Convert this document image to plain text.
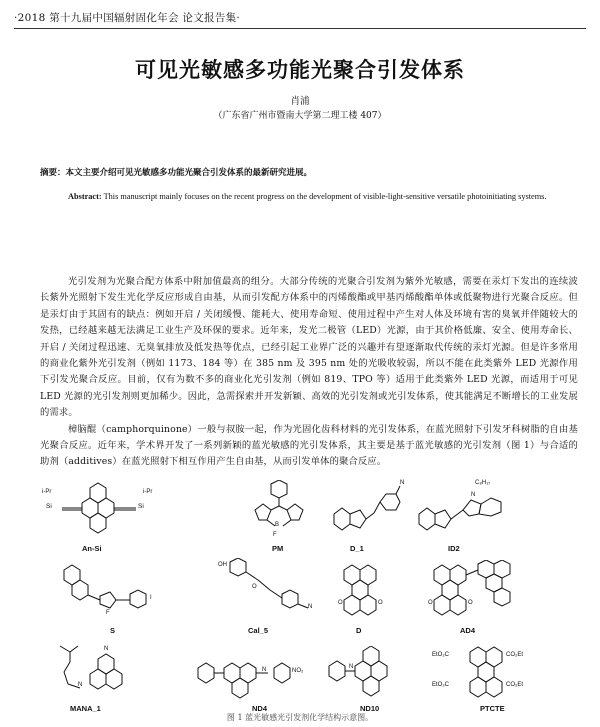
·2018 第十九届中国辐射固化年会 论文报告集·
可见光敏感多功能光聚合引发体系
肖浦
（广东省广州市暨南大学第二理工楼 407）
摘要：本文主要介绍可见光敏感多功能光聚合引发体系的最新研究进展。
Abstract: This manuscript mainly focuses on the recent progress on the development of visible-light-sensitive versatile photoinitiating systems.

光引发剂为光聚合配方体系中附加值最高的组分。大部分传统的光聚合引发剂为紫外光敏感，需要在汞灯下发出的连续波长紫外光照射下发生光化学反应形成自由基，从而引发配方体系中的丙烯酸酯或甲基丙烯酸酯单体或低聚物进行光聚合反应。但是汞灯由于其固有的缺点：例如开启 / 关闭缓慢、能耗大、使用寿命短、使用过程中产生对人体及环境有害的臭氧并伴随较大的发热，已经越来越无法满足工业生产及环保的要求。近年来，发光二极管（LED）光源，由于其价格低廉、安全、使用寿命长、开启 / 关闭过程迅速、无臭氧排放及低发热等优点，已经引起工业界广泛的兴趣并有望逐渐取代传统的汞灯光源。但是许多常用的商业化紫外光引发剂（例如 1173、184 等）在 385 nm 及 395 nm 处的光吸收较弱，所以不能在此类紫外 LED 光源作用下引发光聚合反应。目前，仅有为数不多的商业化光引发剂（例如 819、TPO 等）适用于此类紫外 LED 光源，而适用于可见 LED 光源的光引发剂则更加稀少。因此，急需探索并开发新颖、高效的光引发剂或光引发体系，使其能满足不断增长的工业发展的需求。

樟脑醌（camphorquinone）一般与叔胺一起，作为光固化齿科材料的光引发体系，在蓝光照射下引发牙科树脂的自由基光聚合反应。近年来，学术界开发了一系列新颖的蓝光敏感的光引发体系，其主要是基于蓝光敏感的光引发剂（图 1）与合适的助剂（additives）在蓝光照射下相互作用产生自由基，从而引发单体的聚合反应。

Si	Si
i-Pr	i-Pr
An-Si
B
F
PM
N
D_1
N
C₈H₁₇
ID2
F
I
S
OH
O
N
Cal_5
O	O
D
O	O
AD4
N
N
MANA_1
N	NO₂
ND4
N
ND10
EtO₂C
EtO₂C
CO₂Et
CO₂Et
PTCTE
图 1 蓝光敏感光引发剂化学结构示意图。
